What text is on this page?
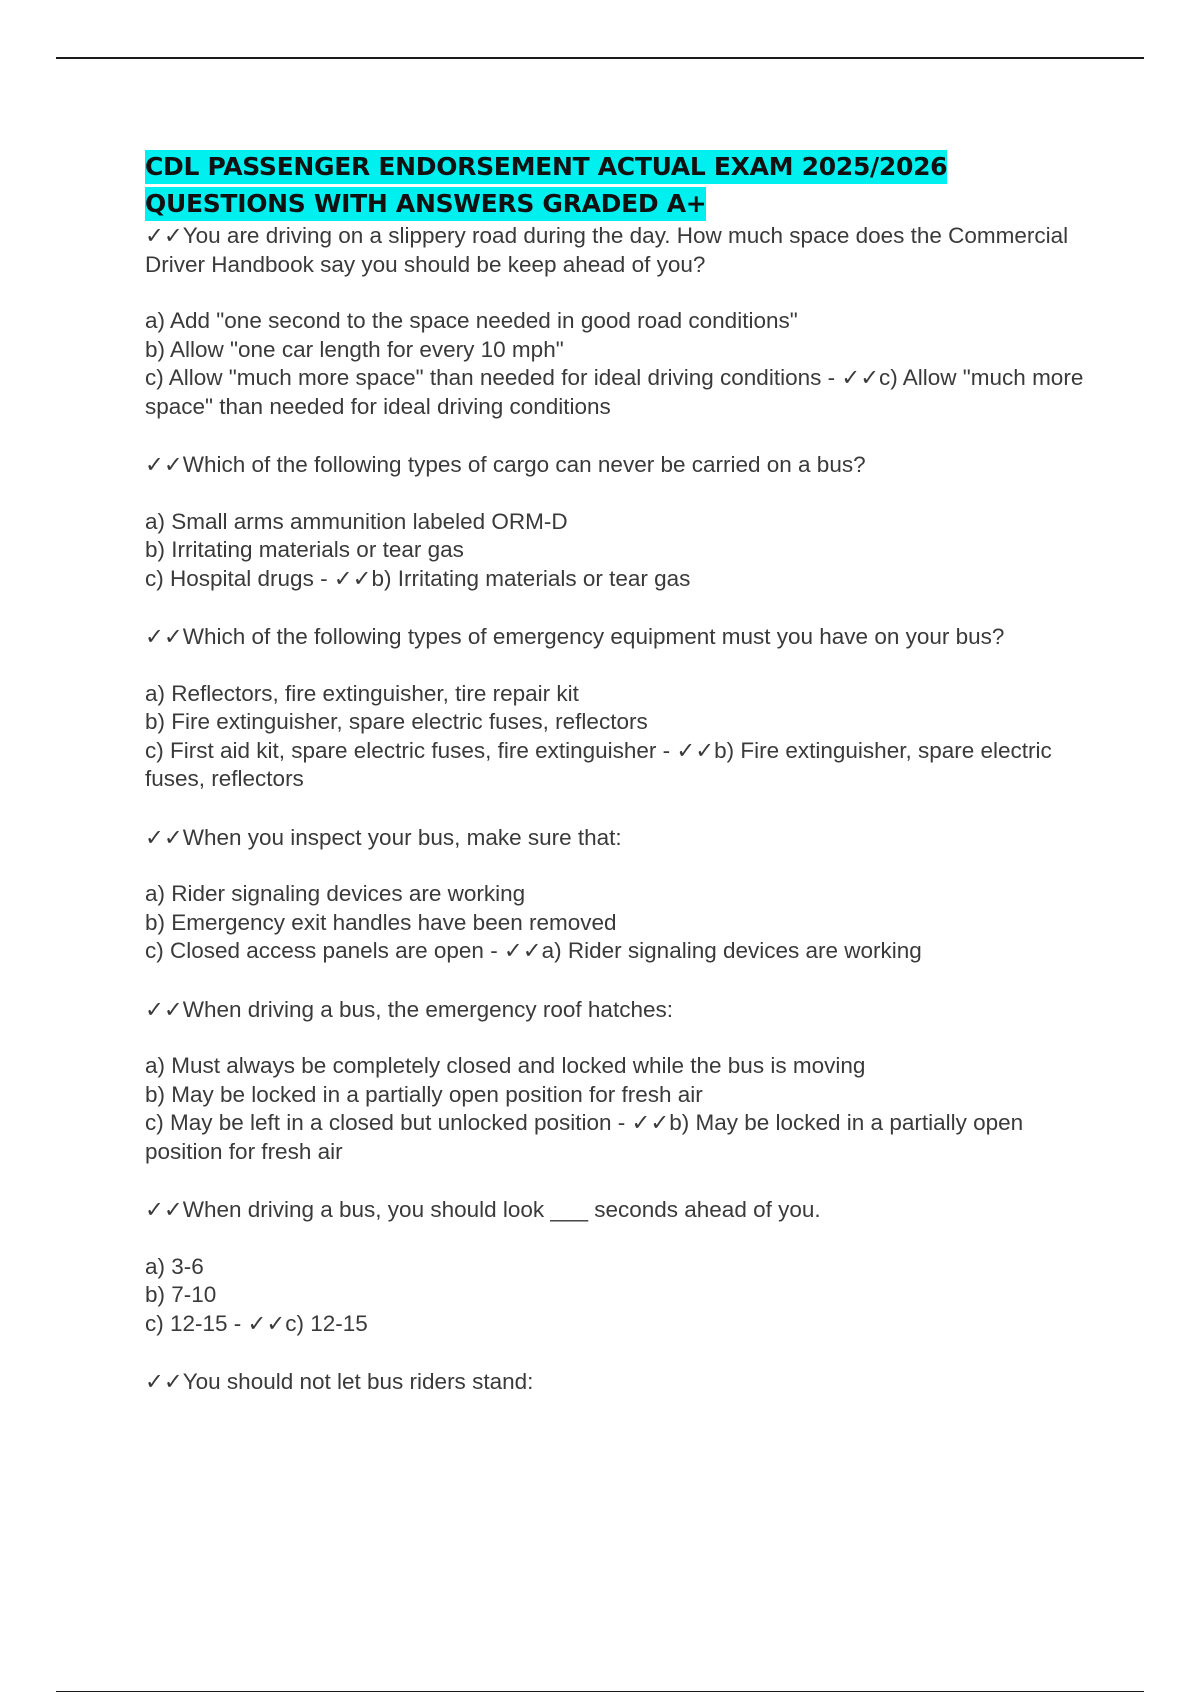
CDL PASSENGER ENDORSEMENT ACTUAL EXAM 2025/2026
QUESTIONS WITH ANSWERS GRADED A+

✓✓You are driving on a slippery road during the day. How much space does the Commercial Driver Handbook say you should be keep ahead of you?

a) Add "one second to the space needed in good road conditions"

b) Allow "one car length for every 10 mph"

c) Allow "much more space" than needed for ideal driving conditions - ✓✓c) Allow "much more space" than needed for ideal driving conditions

✓✓Which of the following types of cargo can never be carried on a bus?

a) Small arms ammunition labeled ORM-D

b) Irritating materials or tear gas

c) Hospital drugs - ✓✓b) Irritating materials or tear gas

✓✓Which of the following types of emergency equipment must you have on your bus?

a) Reflectors, fire extinguisher, tire repair kit

b) Fire extinguisher, spare electric fuses, reflectors

c) First aid kit, spare electric fuses, fire extinguisher - ✓✓b) Fire extinguisher, spare electric fuses, reflectors

✓✓When you inspect your bus, make sure that:

a) Rider signaling devices are working

b) Emergency exit handles have been removed

c) Closed access panels are open - ✓✓a) Rider signaling devices are working

✓✓When driving a bus, the emergency roof hatches:

a) Must always be completely closed and locked while the bus is moving

b) May be locked in a partially open position for fresh air

c) May be left in a closed but unlocked position - ✓✓b) May be locked in a partially open position for fresh air

✓✓When driving a bus, you should look ___ seconds ahead of you.

a) 3-6

b) 7-10

c) 12-15 - ✓✓c) 12-15

✓✓You should not let bus riders stand:
